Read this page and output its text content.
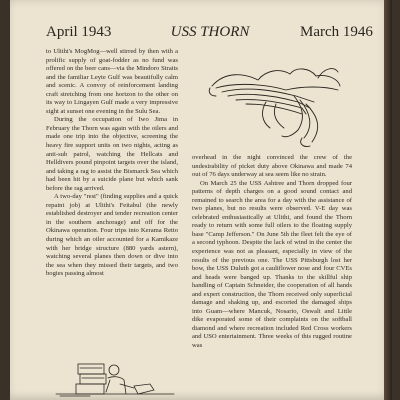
April 1943	USS THORN	March 1946

to Ulithi's MogMog—well stirred by then with a prolific supply of goat-fodder as no fund was offered on the beer cans—via the Mindoro Straits and the familiar Leyte Gulf was beautifully calm and scenic. A convoy of reinforcement landing craft stretching from one horizon to the other on its way to Lingayen Gulf made a very impressive sight at sunset one evening in the Sulu Sea.

During the occupation of Iwo Jima in February the Thorn was again with the oilers and made one trip into the objective, screening the heavy fire support units on two nights, acting as anti-sub patrol, watching the Hellcats and Helldivers pound pinpoint targets over the island, and taking a rag to assist the Bismarck Sea which had been hit by a suicide plane but which sank before the rag arrived.

A two-day "rest" (finding supplies and a quick repaint job) at Ulithi's Feitabul (the newly established destroyer and tender recreation center in the southern anchorage) and off for the Okinawa operation. Four trips into Kerama Retto during which an oiler accounted for a Kamikaze with her bridge structure (880 yards astern), watching several planes then down or dive into the sea when they missed their targets, and two bogies passing almost

overhead in the night convinced the crew of the undesirability of picket duty above Okinawa and made 74 out of 76 days underway at sea seem like no strain.

On March 25 the USS Ashtree and Thorn dropped four patterns of depth charges on a good sound contact and remained to search the area for a day with the assistance of two planes, but no results were observed. V-E day was celebrated enthusiastically at Ulithi, and found the Thorn ready to return with some full oilers to the floating supply base "Camp Jefferson." On June 5th the fleet felt the eye of a second typhoon. Despite the lack of wind in the center the experience was not as pleasant, especially in view of the results of the previous one. The USS Pittsburgh lost her bow, the USS Duluth got a cauliflower nose and four CVEs and heads were banged up. Thanks to the skillful ship handling of Captain Schneider, the cooperation of all hands and expert construction, the Thorn received only superficial damage and shaking up, and escorted the damaged ships into Guam—where Mancuk, Nosario, Oswalt and Little dike evaporated some of their complaints on the softball diamond and where recreation included Red Cross workers and USO entertainment. Three weeks of this rugged routine was
